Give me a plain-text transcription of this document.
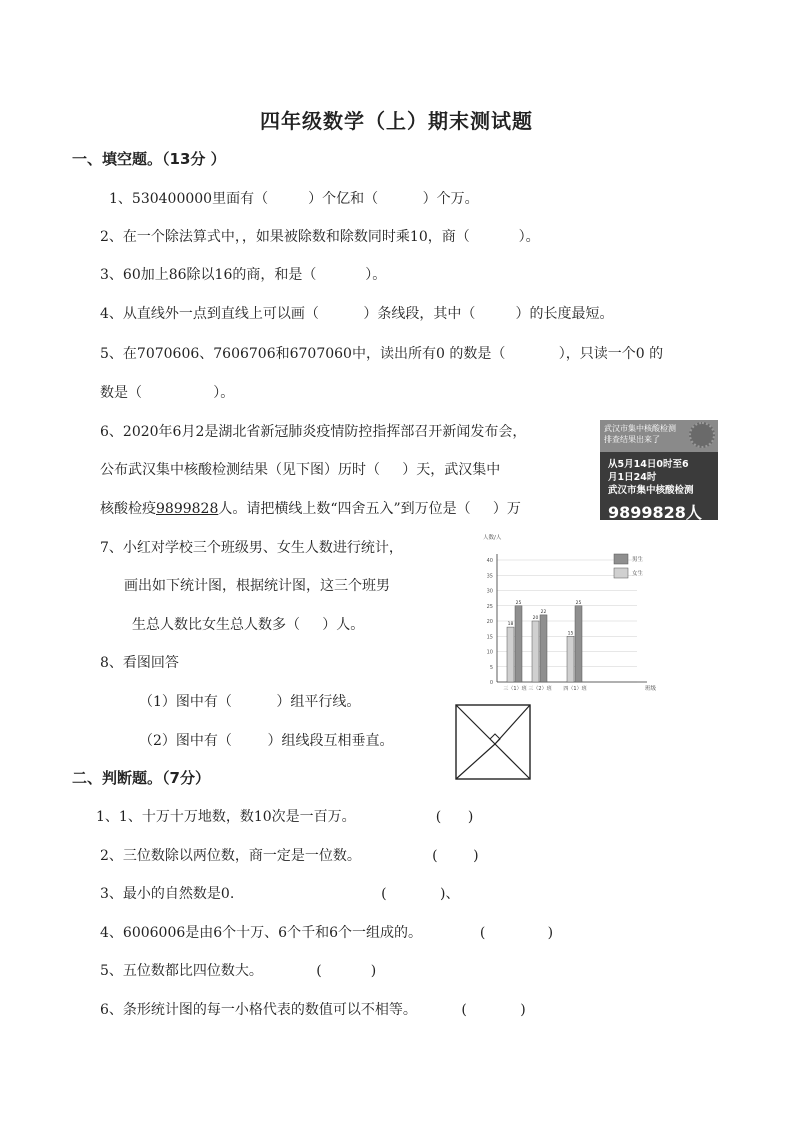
四年级数学（上）期末测试题
一、填空题。（13分 ）
1、530400000里面有（         ）个亿和（          ）个万。
2、在一个除法算式中，，如果被除数和除数同时乘10，商（           ）。
3、60加上86除以16的商，和是（           ）。
4、从直线外一点到直线上可以画（          ）条线段，其中（         ）的长度最短。
5、在7070606、7606706和6707060中，读出所有0 的数是（            ），只读一个0 的
数是（                ）。
6、2020年6月2是湖北省新冠肺炎疫情防控指挥部召开新闻发布会，
公布武汉集中核酸检测结果（见下图）历时（     ）天，武汉集中
核酸检疫9899828人。请把横线上数“四舍五入”到万位是（     ）万
武汉市集中核酸检测
排查结果出来了
从5月14日0时至6
月1日24时
武汉市集中核酸检测
9899828人
7、小红对学校三个班级男、女生人数进行统计，
画出如下统计图，根据统计图，这三个班男
生总人数比女生总人数多（     ）人。
0
5
10
15
20
25
30
35
40
人数/人
班级
18
25
三（1）班
20
22
三（2）班
15
25
四（1）班
男生
女生
8、看图回答
（1）图中有（          ）组平行线。
（2）图中有（        ）组线段互相垂直。
二、判断题。（7分）
1、1、十万十万地数，数10次是一百万。                  (      )
2、三位数除以两位数，商一定是一位数。                (        )
3、最小的自然数是0.                                 (            )、
4、6006006是由6个十万、6个千和6个一组成的。             (              )
5、五位数都比四位数大。            (           )
6、条形统计图的每一小格代表的数值可以不相等。          (            )
